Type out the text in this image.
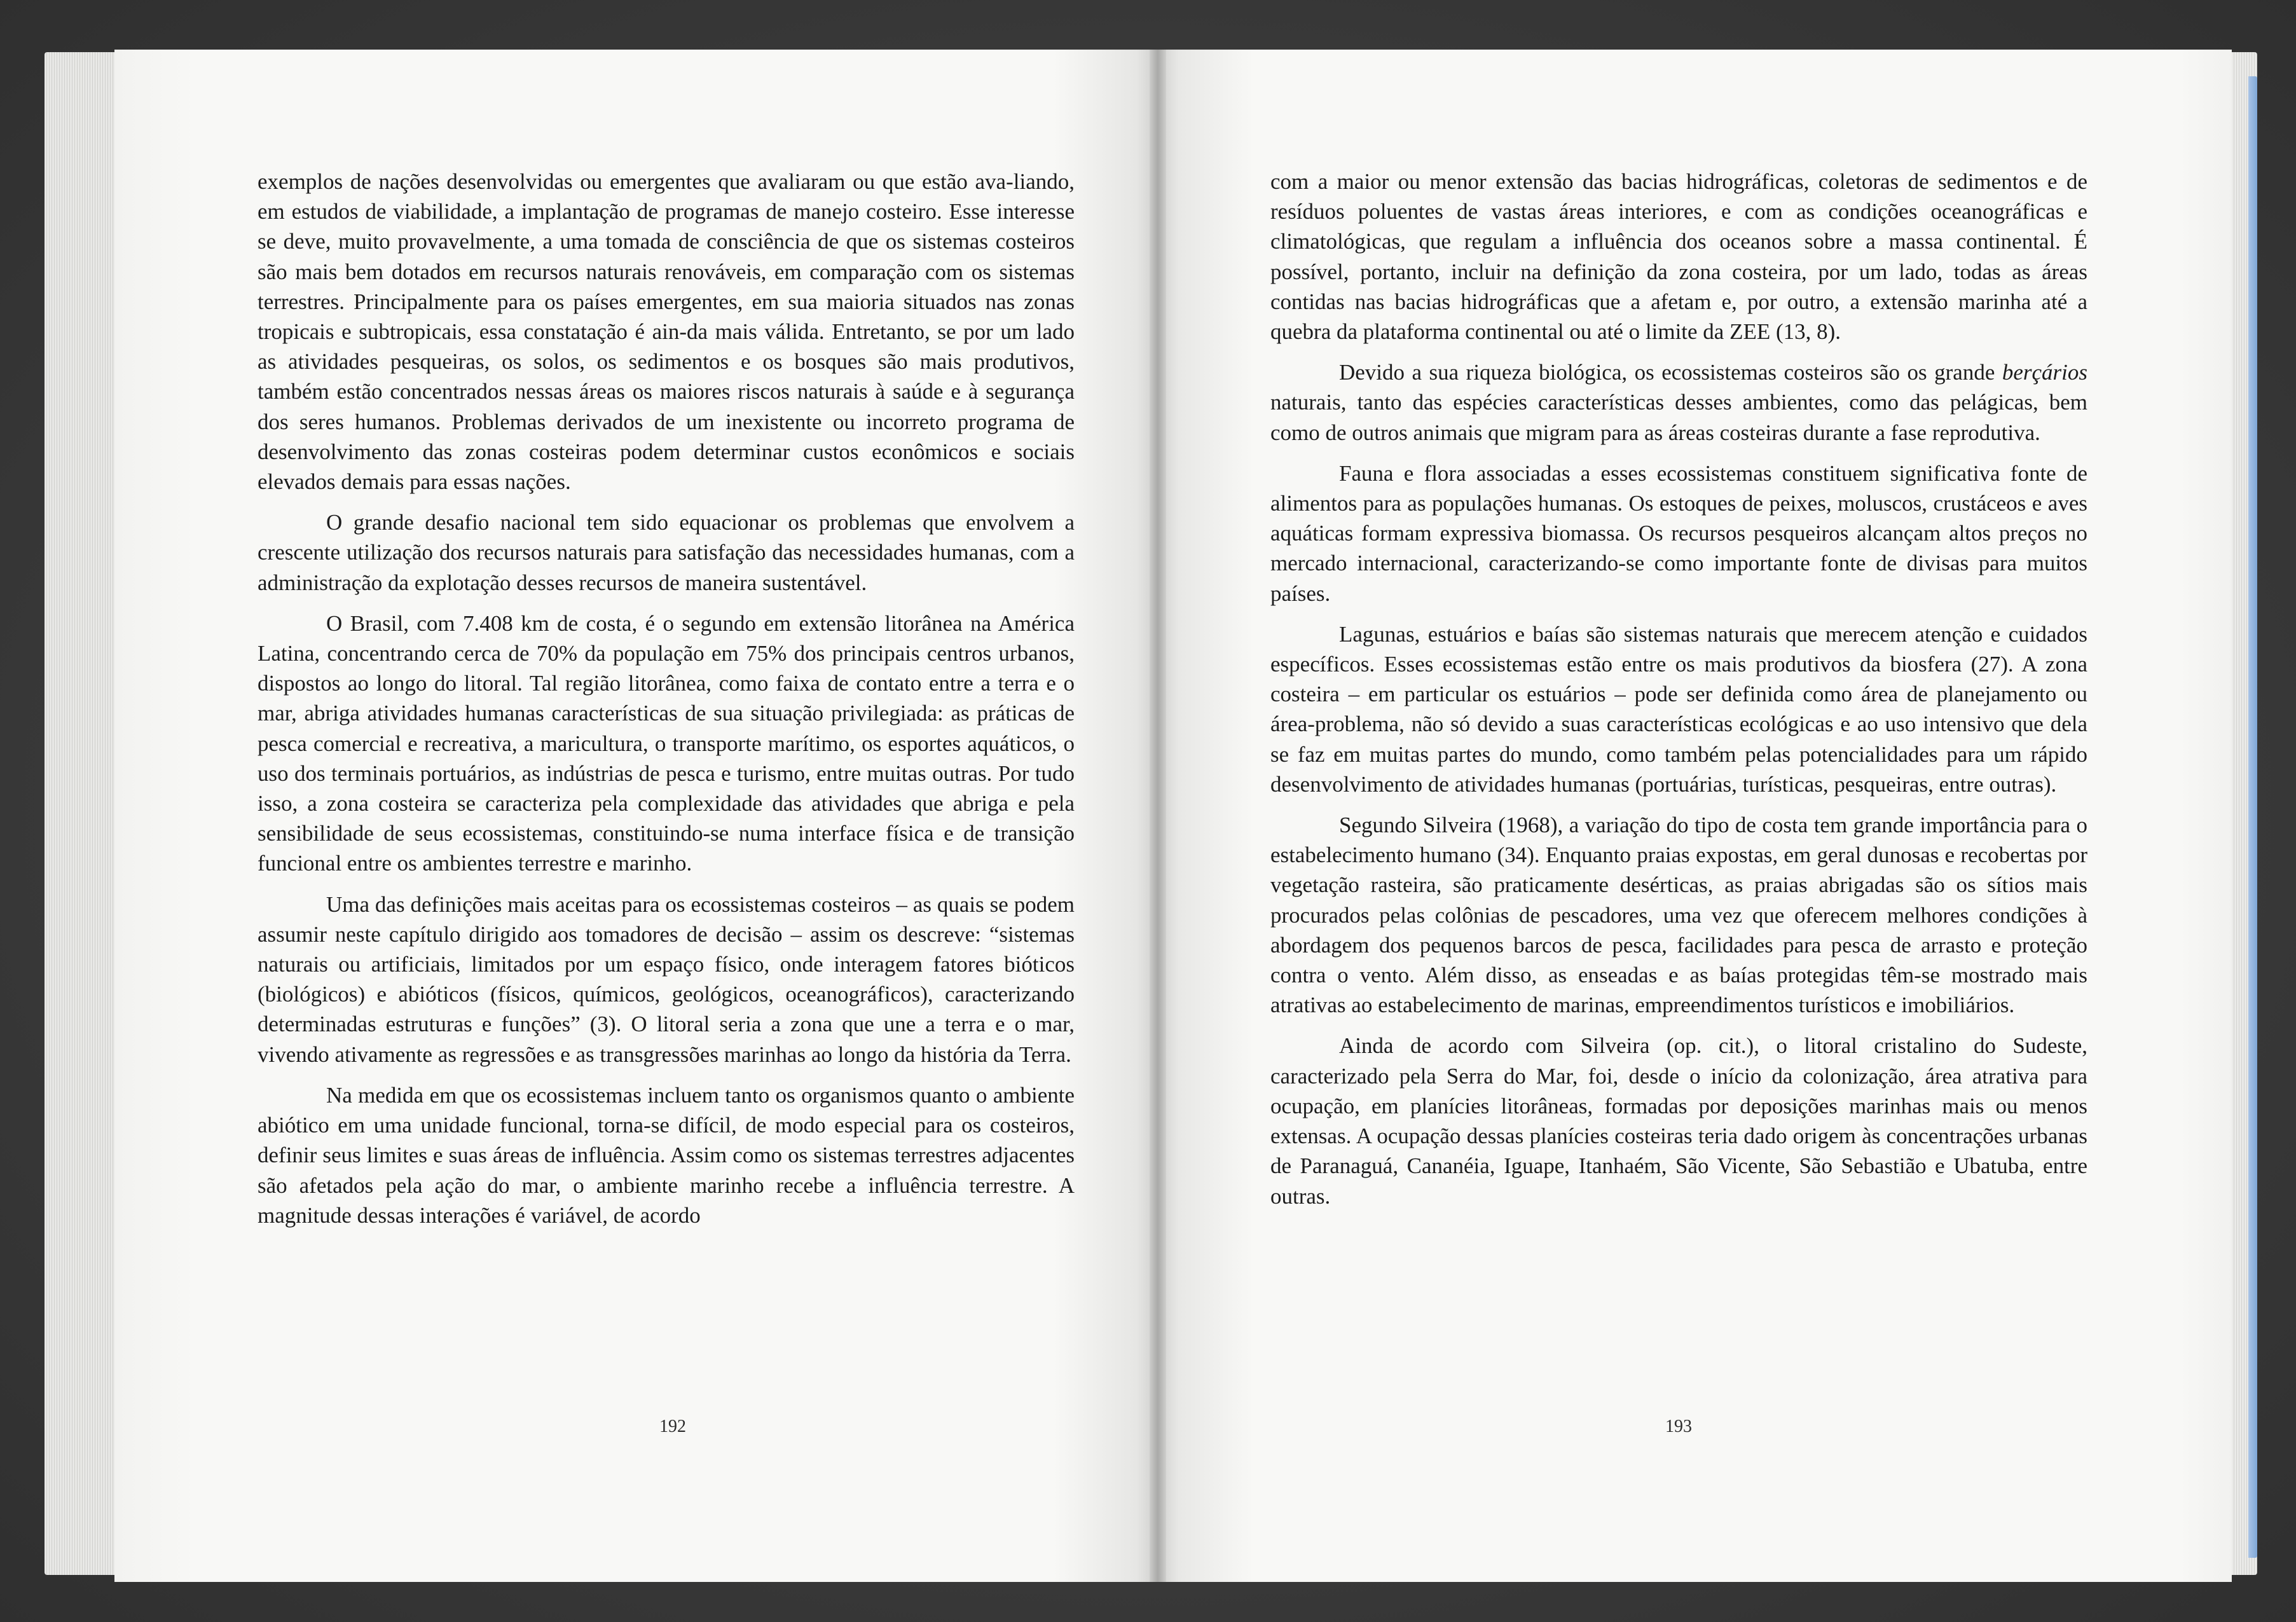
exemplos de nações desenvolvidas ou emergentes que avaliaram ou que estão ava-liando, em estudos de viabilidade, a implantação de programas de manejo costeiro. Esse interesse se deve, muito provavelmente, a uma tomada de consciência de que os sistemas costeiros são mais bem dotados em recursos naturais renováveis, em comparação com os sistemas terrestres. Principalmente para os países emergentes, em sua maioria situados nas zonas tropicais e subtropicais, essa constatação é ain-da mais válida. Entretanto, se por um lado as atividades pesqueiras, os solos, os sedimentos e os bosques são mais produtivos, também estão concentrados nessas áreas os maiores riscos naturais à saúde e à segurança dos seres humanos. Problemas derivados de um inexistente ou incorreto programa de desenvolvimento das zonas costeiras podem determinar custos econômicos e sociais elevados demais para essas nações.

O grande desafio nacional tem sido equacionar os problemas que envolvem a crescente utilização dos recursos naturais para satisfação das necessidades humanas, com a administração da explotação desses recursos de maneira sustentável.

O Brasil, com 7.408 km de costa, é o segundo em extensão litorânea na América Latina, concentrando cerca de 70% da população em 75% dos principais centros urbanos, dispostos ao longo do litoral. Tal região litorânea, como faixa de contato entre a terra e o mar, abriga atividades humanas características de sua situação privilegiada: as práticas de pesca comercial e recreativa, a maricultura, o transporte marítimo, os esportes aquáticos, o uso dos terminais portuários, as indústrias de pesca e turismo, entre muitas outras. Por tudo isso, a zona costeira se caracteriza pela complexidade das atividades que abriga e pela sensibilidade de seus ecossistemas, constituindo-se numa interface física e de transição funcional entre os ambientes terrestre e marinho.

Uma das definições mais aceitas para os ecossistemas costeiros – as quais se podem assumir neste capítulo dirigido aos tomadores de decisão – assim os descreve: “sistemas naturais ou artificiais, limitados por um espaço físico, onde interagem fatores bióticos (biológicos) e abióticos (físicos, químicos, geológicos, oceanográficos), caracterizando determinadas estruturas e funções” (3). O litoral seria a zona que une a terra e o mar, vivendo ativamente as regressões e as transgressões marinhas ao longo da história da Terra.

Na medida em que os ecossistemas incluem tanto os organismos quanto o ambiente abiótico em uma unidade funcional, torna-se difícil, de modo especial para os costeiros, definir seus limites e suas áreas de influência. Assim como os sistemas terrestres adjacentes são afetados pela ação do mar, o ambiente marinho recebe a influência terrestre. A magnitude dessas interações é variável, de acordo

192

com a maior ou menor extensão das bacias hidrográficas, coletoras de sedimentos e de resíduos poluentes de vastas áreas interiores, e com as condições oceanográficas e climatológicas, que regulam a influência dos oceanos sobre a massa continental. É possível, portanto, incluir na definição da zona costeira, por um lado, todas as áreas contidas nas bacias hidrográficas que a afetam e, por outro, a extensão marinha até a quebra da plataforma continental ou até o limite da ZEE (13, 8).

Devido a sua riqueza biológica, os ecossistemas costeiros são os grande berçários naturais, tanto das espécies características desses ambientes, como das pelágicas, bem como de outros animais que migram para as áreas costeiras durante a fase reprodutiva.

Fauna e flora associadas a esses ecossistemas constituem significativa fonte de alimentos para as populações humanas. Os estoques de peixes, moluscos, crustáceos e aves aquáticas formam expressiva biomassa. Os recursos pesqueiros alcançam altos preços no mercado internacional, caracterizando-se como importante fonte de divisas para muitos países.

Lagunas, estuários e baías são sistemas naturais que merecem atenção e cuidados específicos. Esses ecossistemas estão entre os mais produtivos da biosfera (27). A zona costeira – em particular os estuários – pode ser definida como área de planejamento ou área-problema, não só devido a suas características ecológicas e ao uso intensivo que dela se faz em muitas partes do mundo, como também pelas potencialidades para um rápido desenvolvimento de atividades humanas (portuárias, turísticas, pesqueiras, entre outras).

Segundo Silveira (1968), a variação do tipo de costa tem grande importância para o estabelecimento humano (34). Enquanto praias expostas, em geral dunosas e recobertas por vegetação rasteira, são praticamente desérticas, as praias abrigadas são os sítios mais procurados pelas colônias de pescadores, uma vez que oferecem melhores condições à abordagem dos pequenos barcos de pesca, facilidades para pesca de arrasto e proteção contra o vento. Além disso, as enseadas e as baías protegidas têm-se mostrado mais atrativas ao estabelecimento de marinas, empreendimentos turísticos e imobiliários.

Ainda de acordo com Silveira (op. cit.), o litoral cristalino do Sudeste, caracterizado pela Serra do Mar, foi, desde o início da colonização, área atrativa para ocupação, em planícies litorâneas, formadas por deposições marinhas mais ou menos extensas. A ocupação dessas planícies costeiras teria dado origem às concentrações urbanas de Paranaguá, Cananéia, Iguape, Itanhaém, São Vicente, São Sebastião e Ubatuba, entre outras.

193
